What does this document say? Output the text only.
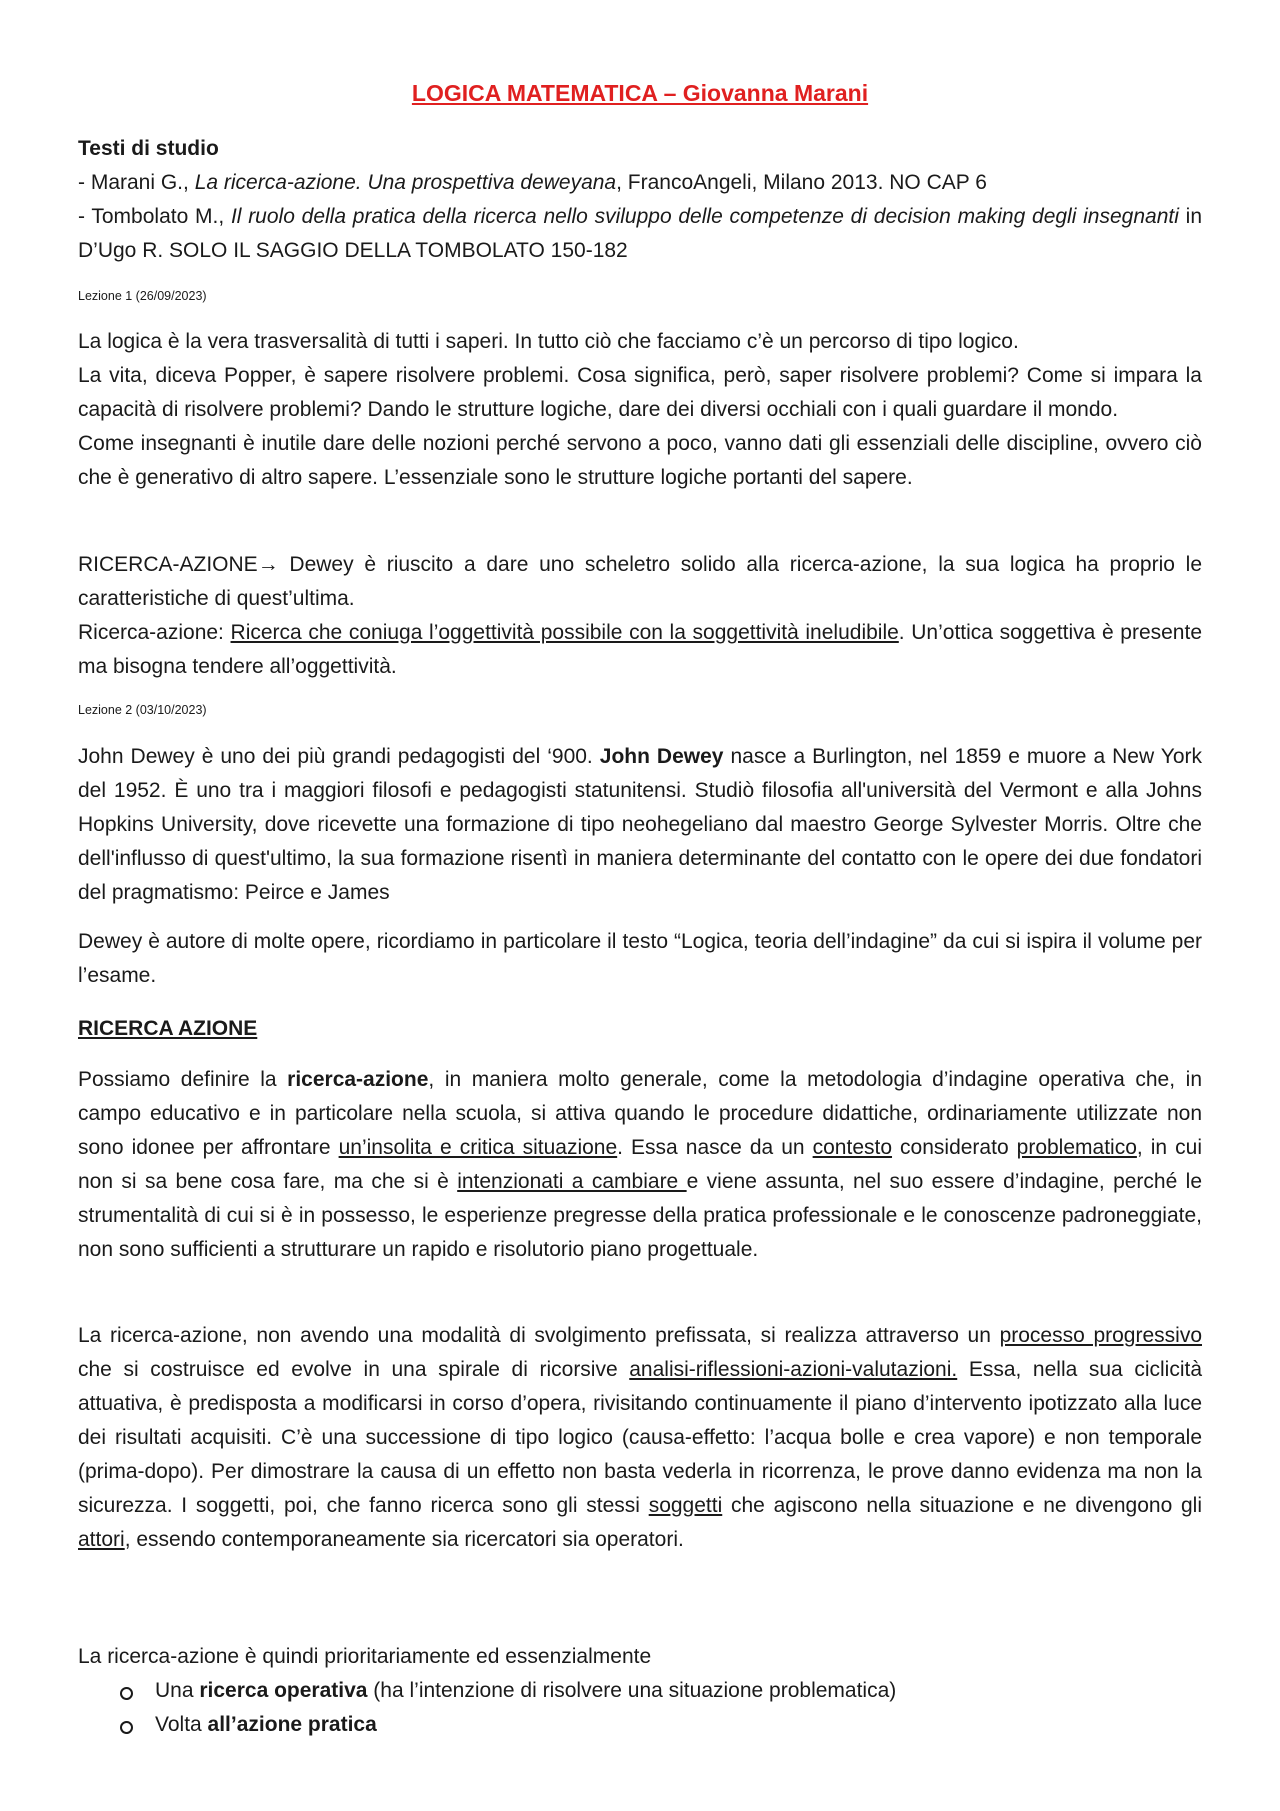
LOGICA MATEMATICA – Giovanna Marani
Testi di studio
- Marani G., La ricerca-azione. Una prospettiva deweyana, FrancoAngeli, Milano 2013. NO CAP 6
- Tombolato M., Il ruolo della pratica della ricerca nello sviluppo delle competenze di decision making degli insegnanti in D’Ugo R. SOLO IL SAGGIO DELLA TOMBOLATO 150-182
Lezione 1 (26/09/2023)
La logica è la vera trasversalità di tutti i saperi. In tutto ciò che facciamo c’è un percorso di tipo logico.
La vita, diceva Popper, è sapere risolvere problemi. Cosa significa, però, saper risolvere problemi? Come si impara la capacità di risolvere problemi? Dando le strutture logiche, dare dei diversi occhiali con i quali guardare il mondo.
Come insegnanti è inutile dare delle nozioni perché servono a poco, vanno dati gli essenziali delle discipline, ovvero ciò che è generativo di altro sapere. L’essenziale sono le strutture logiche portanti del sapere.
RICERCA-AZIONE→ Dewey è riuscito a dare uno scheletro solido alla ricerca-azione, la sua logica ha proprio le caratteristiche di quest’ultima.
Ricerca-azione: Ricerca che coniuga l’oggettività possibile con la soggettività ineludibile. Un’ottica soggettiva è presente ma bisogna tendere all’oggettività.
Lezione 2 (03/10/2023)
John Dewey è uno dei più grandi pedagogisti del ‘900. John Dewey nasce a Burlington, nel 1859 e muore a New York del 1952. È uno tra i maggiori filosofi e pedagogisti statunitensi. Studiò filosofia all'università del Vermont e alla Johns Hopkins University, dove ricevette una formazione di tipo neohegeliano dal maestro George Sylvester Morris. Oltre che dell'influsso di quest'ultimo, la sua formazione risentì in maniera determinante del contatto con le opere dei due fondatori del pragmatismo: Peirce e James
Dewey è autore di molte opere, ricordiamo in particolare il testo “Logica, teoria dell’indagine” da cui si ispira il volume per l’esame.
RICERCA AZIONE
Possiamo definire la ricerca-azione, in maniera molto generale, come la metodologia d’indagine operativa che, in campo educativo e in particolare nella scuola, si attiva quando le procedure didattiche, ordinariamente utilizzate non sono idonee per affrontare un’insolita e critica situazione. Essa nasce da un contesto considerato problematico, in cui non si sa bene cosa fare, ma che si è intenzionati a cambiare e viene assunta, nel suo essere d’indagine, perché le strumentalità di cui si è in possesso, le esperienze pregresse della pratica professionale e le conoscenze padroneggiate, non sono sufficienti a strutturare un rapido e risolutorio piano progettuale.
La ricerca-azione, non avendo una modalità di svolgimento prefissata, si realizza attraverso un processo progressivo che si costruisce ed evolve in una spirale di ricorsive analisi-riflessioni-azioni-valutazioni. Essa, nella sua ciclicità attuativa, è predisposta a modificarsi in corso d’opera, rivisitando continuamente il piano d’intervento ipotizzato alla luce dei risultati acquisiti. C’è una successione di tipo logico (causa-effetto: l’acqua bolle e crea vapore) e non temporale (prima-dopo). Per dimostrare la causa di un effetto non basta vederla in ricorrenza, le prove danno evidenza ma non la sicurezza. I soggetti, poi, che fanno ricerca sono gli stessi soggetti che agiscono nella situazione e ne divengono gli attori, essendo contemporaneamente sia ricercatori sia operatori.
La ricerca-azione è quindi prioritariamente ed essenzialmente
Una ricerca operativa (ha l’intenzione di risolvere una situazione problematica)
Volta all’azione pratica
